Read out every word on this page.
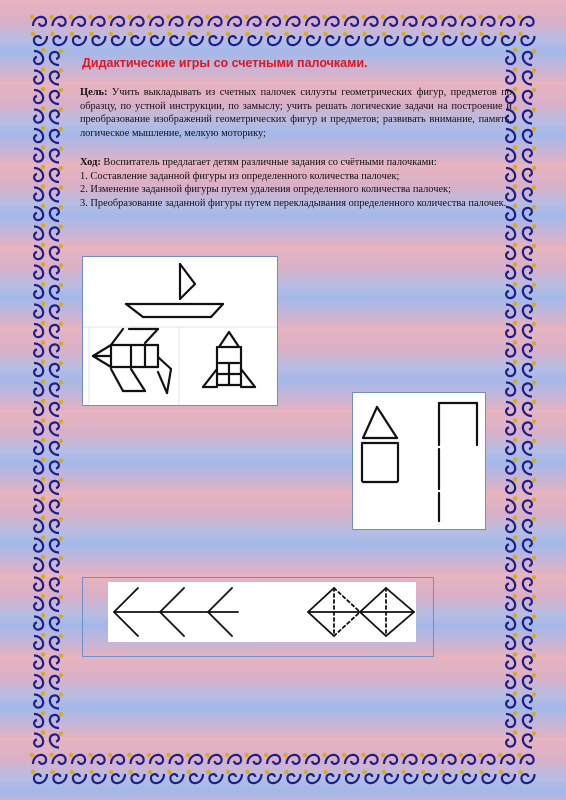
Дидактические игры со счетными палочками.
Цель: Учить выкладывать из счетных палочек силуэты геометрических фигур, предметов по образцу, по устной инструкции, по замыслу; учить решать логические задачи на построение и преобразование изображений геометрических фигур и предметов; развивать внимание, память, логическое мышление, мелкую моторику;
Ход: Воспитатель предлагает детям различные задания со счётными палочками:
1. Составление заданной фигуры из определенного количества палочек;
2. Изменение заданной фигуры путем удаления определенного количества палочек;
3. Преобразование заданной фигуры путем перекладывания определенного количества палочек.
